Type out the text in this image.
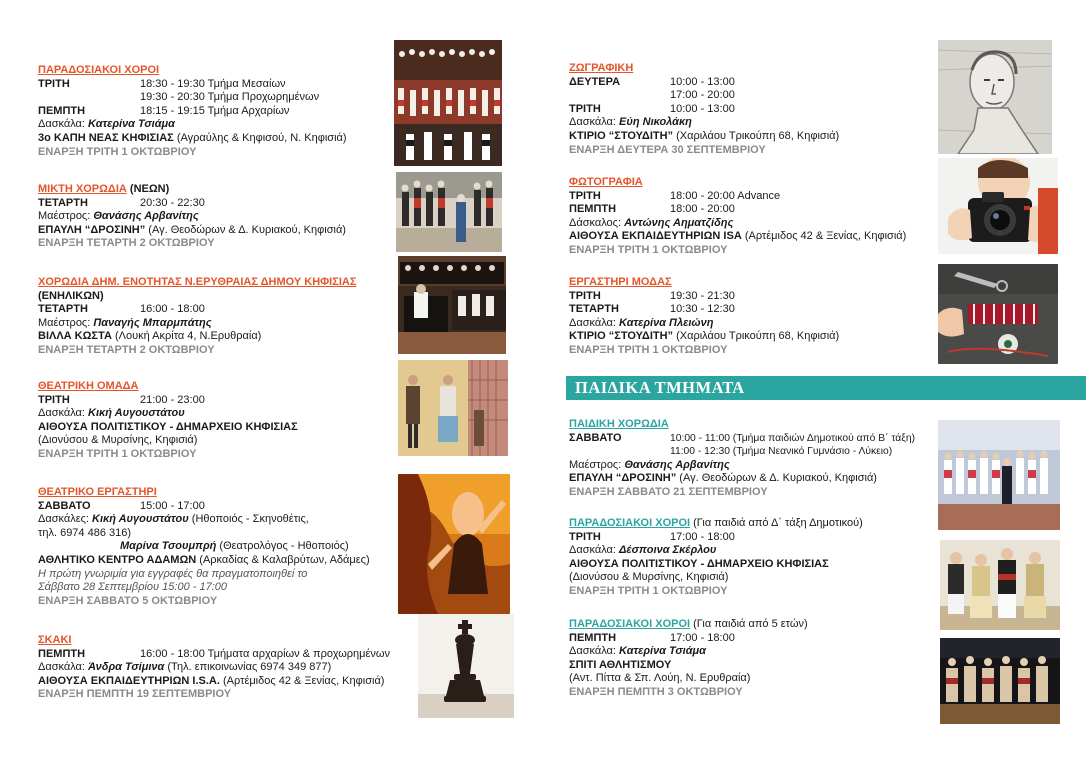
ΠΑΡΑΔΟΣΙΑΚΟΙ ΧΟΡΟΙ
ΤΡΙΤΗ	18:30 - 19:30 Τμήμα Μεσαίων
19:30 - 20:30 Τμήμα Προχωρημένων
ΠΕΜΠΤΗ	18:15 - 19:15 Τμήμα Αρχαρίων
Δασκάλα: Κατερίνα Τσιάμα
3ο ΚΑΠΗ ΝΕΑΣ ΚΗΦΙΣΙΑΣ (Αγραύλης & Κηφισού, Ν. Κηφισιά)
ΕΝΑΡΞΗ ΤΡΙΤΗ 1 ΟΚΤΩΒΡΙΟΥ
ΜΙΚΤΗ ΧΟΡΩΔΙΑ (ΝΕΩΝ)
ΤΕΤΑΡΤΗ	20:30 - 22:30
Μαέστρος: Θανάσης Αρβανίτης
ΕΠΑΥΛΗ “ΔΡΟΣΙΝΗ” (Αγ. Θεοδώρων & Δ. Κυριακού, Κηφισιά)
ΕΝΑΡΞΗ ΤΕΤΑΡΤΗ 2 ΟΚΤΩΒΡΙΟΥ
ΧΟΡΩΔΙΑ ΔΗΜ. ΕΝΟΤΗΤΑΣ Ν.ΕΡΥΘΡΑΙΑΣ ΔΗΜΟΥ ΚΗΦΙΣΙΑΣ
(ΕΝΗΛΙΚΩΝ)
ΤΕΤΑΡΤΗ	16:00 - 18:00
Μαέστρος: Παναγής Μπαρμπάτης
ΒΙΛΛΑ ΚΩΣΤΑ (Λουκή Ακρίτα 4, Ν.Ερυθραία)
ΕΝΑΡΞΗ ΤΕΤΑΡΤΗ 2 ΟΚΤΩΒΡΙΟΥ
ΘΕΑΤΡΙΚΗ ΟΜΑΔΑ
ΤΡΙΤΗ	21:00 - 23:00
Δασκάλα: Κική Αυγουστάτου
ΑΙΘΟΥΣΑ ΠΟΛΙΤΙΣΤΙΚΟΥ - ΔΗΜΑΡΧΕΙΟ ΚΗΦΙΣΙΑΣ
(Διονύσου & Μυρσίνης, Κηφισιά)
ΕΝΑΡΞΗ ΤΡΙΤΗ 1 ΟΚΤΩΒΡΙΟΥ
ΘΕΑΤΡΙΚΟ ΕΡΓΑΣΤΗΡΙ
ΣΑΒΒΑΤΟ	15:00 - 17:00
Δασκάλες: Κική Αυγουστάτου (Ηθοποιός - Σκηνοθέτις,
τηλ. 6974 486 316)
Μαρίνα Τσουμπρή (Θεατρολόγος - Ηθοποιός)
ΑΘΛΗΤΙΚΟ ΚΕΝΤΡΟ ΑΔΑΜΩΝ (Αρκαδίας & Καλαβρύτων, Αδάμες)
Η πρώτη γνωριμία για εγγραφές θα πραγματοποιηθεί το
Σάββατο 28 Σεπτεμβρίου 15:00 - 17:00
ΕΝΑΡΞΗ ΣΑΒΒΑΤΟ 5 ΟΚΤΩΒΡΙΟΥ
ΣΚΑΚΙ
ΠΕΜΠΤΗ	16:00 - 18:00 Τμήματα αρχαρίων & προχωρημένων
Δασκάλα: Άνδρα Τσίμινα (Τηλ. επικοινωνίας 6974 349 877)
ΑΙΘΟΥΣΑ ΕΚΠΑΙΔΕΥΤΗΡΙΩΝ I.S.A. (Αρτέμιδος 42 & Ξενίας, Κηφισιά)
ΕΝΑΡΞΗ ΠΕΜΠΤΗ 19 ΣΕΠΤΕΜΒΡΙΟΥ
ΖΩΓΡΑΦΙΚΗ
ΔΕΥΤΕΡΑ	10:00 - 13:00
17:00 - 20:00
ΤΡΙΤΗ	10:00 - 13:00
Δασκάλα: Εύη Νικολάκη
ΚΤΙΡΙΟ “ΣΤΟΥΔΙΤΗ” (Χαριλάου Τρικούπη 68, Κηφισιά)
ΕΝΑΡΞΗ ΔΕΥΤΕΡΑ 30 ΣΕΠΤΕΜΒΡΙΟΥ
ΦΩΤΟΓΡΑΦΙΑ
ΤΡΙΤΗ	18:00 - 20:00 Advance
ΠΕΜΠΤΗ	18:00 - 20:00
Δάσκαλος: Αντώνης Αηματζίδης
ΑΙΘΟΥΣΑ ΕΚΠΑΙΔΕΥΤΗΡΙΩΝ ISA (Αρτέμιδος 42 & Ξενίας, Κηφισιά)
ΕΝΑΡΞΗ ΤΡΙΤΗ 1 ΟΚΤΩΒΡΙΟΥ
ΕΡΓΑΣΤΗΡΙ ΜΟΔΑΣ
ΤΡΙΤΗ	19:30 - 21:30
ΤΕΤΑΡΤΗ	10:30 - 12:30
Δασκάλα: Κατερίνα Πλειώνη
ΚΤΙΡΙΟ “ΣΤΟΥΔΙΤΗ” (Χαριλάου Τρικούπη 68, Κηφισιά)
ΕΝΑΡΞΗ ΤΡΙΤΗ 1 ΟΚΤΩΒΡΙΟΥ
ΠΑΙΔΙΚΑ ΤΜΗΜΑΤΑ
ΠΑΙΔΙΚΗ ΧΟΡΩΔΙΑ
ΣΑΒΒΑΤΟ	10:00 - 11:00 (Τμήμα παιδιών Δημοτικού από Β΄ τάξη)
11:00 - 12:30 (Τμήμα Νεανικό Γυμνάσιο - Λύκειο)
Μαέστρος: Θανάσης Αρβανίτης
ΕΠΑΥΛΗ “ΔΡΟΣΙΝΗ” (Αγ. Θεοδώρων & Δ. Κυριακού, Κηφισιά)
ΕΝΑΡΞΗ ΣΑΒΒΑΤΟ 21 ΣΕΠΤΕΜΒΡΙΟΥ
ΠΑΡΑΔΟΣΙΑΚΟΙ ΧΟΡΟΙ (Για παιδιά από Δ΄ τάξη Δημοτικού)
ΤΡΙΤΗ	17:00 - 18:00
Δασκάλα: Δέσποινα Σκέρλου
ΑΙΘΟΥΣΑ ΠΟΛΙΤΙΣΤΙΚΟΥ - ΔΗΜΑΡΧΕΙΟ ΚΗΦΙΣΙΑΣ
(Διονύσου & Μυρσίνης, Κηφισιά)
ΕΝΑΡΞΗ ΤΡΙΤΗ 1 ΟΚΤΩΒΡΙΟΥ
ΠΑΡΑΔΟΣΙΑΚΟΙ ΧΟΡΟΙ (Για παιδιά από 5 ετών)
ΠΕΜΠΤΗ	17:00 - 18:00
Δασκάλα: Κατερίνα Τσιάμα
ΣΠΙΤΙ ΑΘΛΗΤΙΣΜΟΥ
(Αντ. Πίττα & Σπ. Λούη, Ν. Ερυθραία)
ΕΝΑΡΞΗ ΠΕΜΠΤΗ 3 ΟΚΤΩΒΡΙΟΥ
